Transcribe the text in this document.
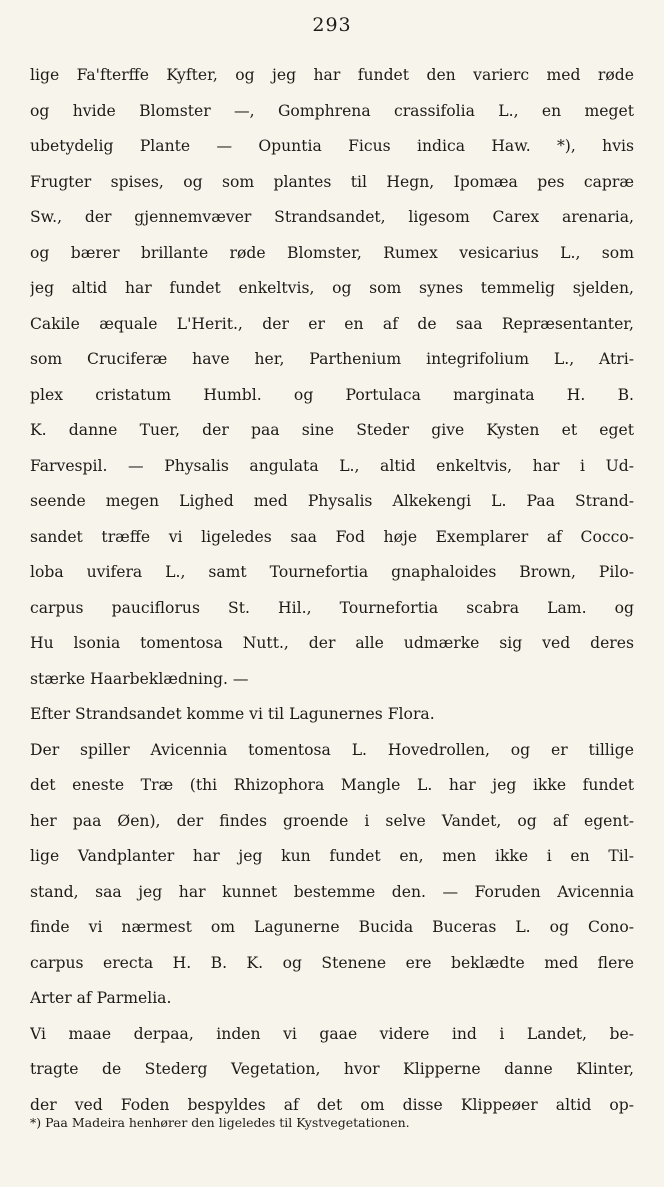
293
lige Fa'fterffe Kyfter, og jeg har fundet den varierc med røde
og hvide Blomster —, Gomphrena crassifolia L., en meget
ubetydelig Plante — Opuntia Ficus indica Haw. *), hvis
Frugter spises, og som plantes til Hegn, Ipomæa pes capræ
Sw., der gjennemvæver Strandsandet, ligesom Carex arenaria,
og bærer brillante røde Blomster, Rumex vesicarius L., som
jeg altid har fundet enkeltvis, og som synes temmelig sjelden,
Cakile æquale L'Herit., der er en af de saa Repræsentanter,
som Cruciferæ have her, Parthenium integrifolium L., Atri-
plex cristatum Humbl. og Portulaca marginata H. B.
K. danne Tuer, der paa sine Steder give Kysten et eget
Farvespil. — Physalis angulata L., altid enkeltvis, har i Ud-
seende megen Lighed med Physalis Alkekengi L. Paa Strand-
sandet træffe vi ligeledes saa Fod høje Exemplarer af Cocco-
loba uvifera L., samt Tournefortia gnaphaloides Brown, Pilo-
carpus pauciflorus St. Hil., Tournefortia scabra Lam. og
Hu lsonia tomentosa Nutt., der alle udmærke sig ved deres
stærke Haarbeklædning. —
Efter Strandsandet komme vi til Lagunernes Flora.
Der spiller Avicennia tomentosa L. Hovedrollen, og er tillige
det eneste Træ (thi Rhizophora Mangle L. har jeg ikke fundet
her paa Øen), der findes groende i selve Vandet, og af egent-
lige Vandplanter har jeg kun fundet en, men ikke i en Til-
stand, saa jeg har kunnet bestemme den. — Foruden Avicennia
finde vi nærmest om Lagunerne Bucida Buceras L. og Cono-
carpus erecta H. B. K. og Stenene ere beklædte med flere
Arter af Parmelia.
Vi maae derpaa, inden vi gaae videre ind i Landet, be-
tragte de Stederg Vegetation, hvor Klipperne danne Klinter,
der ved Foden bespyldes af det om disse Klippeøer altid op-
*) Paa Madeira henhører den ligeledes til Kystvegetationen.
